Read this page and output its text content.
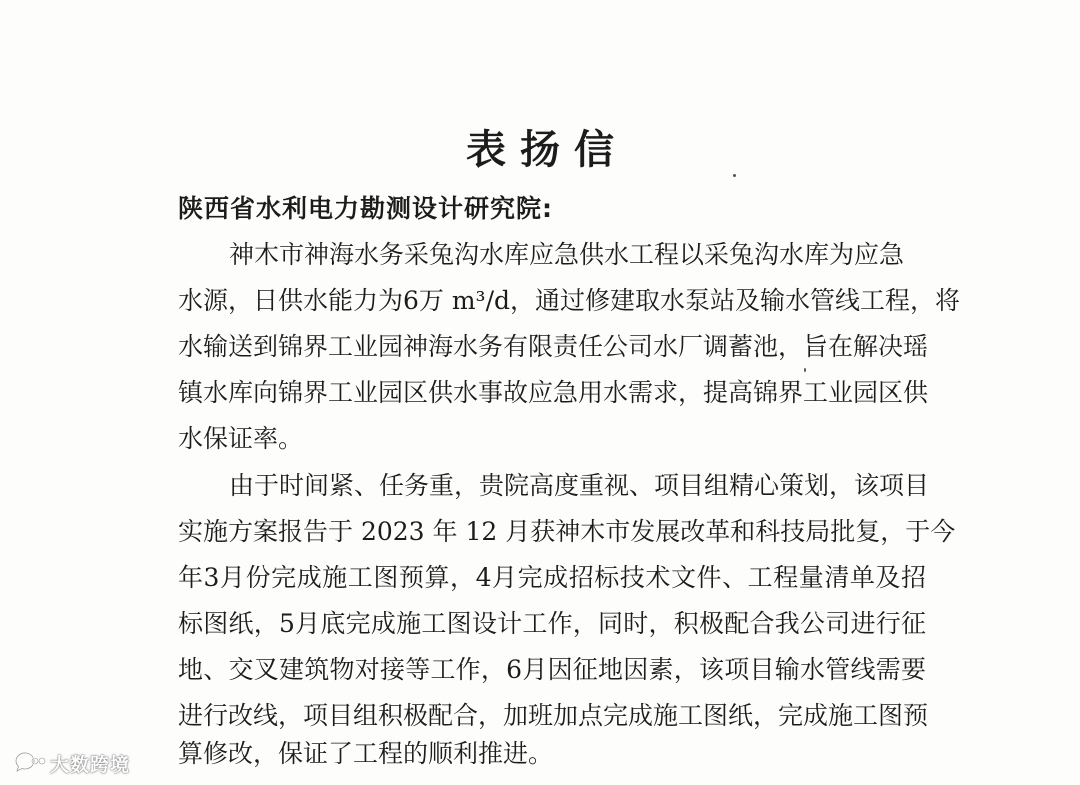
表扬信
陕西省水利电力勘测设计研究院:
神木市神海水务采兔沟水库应急供水工程以采兔沟水库为应急
水源，日供水能力为6万 m³/d，通过修建取水泵站及输水管线工程，将
水输送到锦界工业园神海水务有限责任公司水厂调蓄池，旨在解决瑶
镇水库向锦界工业园区供水事故应急用水需求，提高锦界工业园区供
水保证率。
由于时间紧、任务重，贵院高度重视、项目组精心策划，该项目
实施方案报告于 2023 年 12 月获神木市发展改革和科技局批复，于今
年3月份完成施工图预算，4月完成招标技术文件、工程量清单及招
标图纸，5月底完成施工图设计工作，同时，积极配合我公司进行征
地、交叉建筑物对接等工作，6月因征地因素，该项目输水管线需要
进行改线，项目组积极配合，加班加点完成施工图纸，完成施工图预
算修改，保证了工程的顺利推进。
大数跨境
